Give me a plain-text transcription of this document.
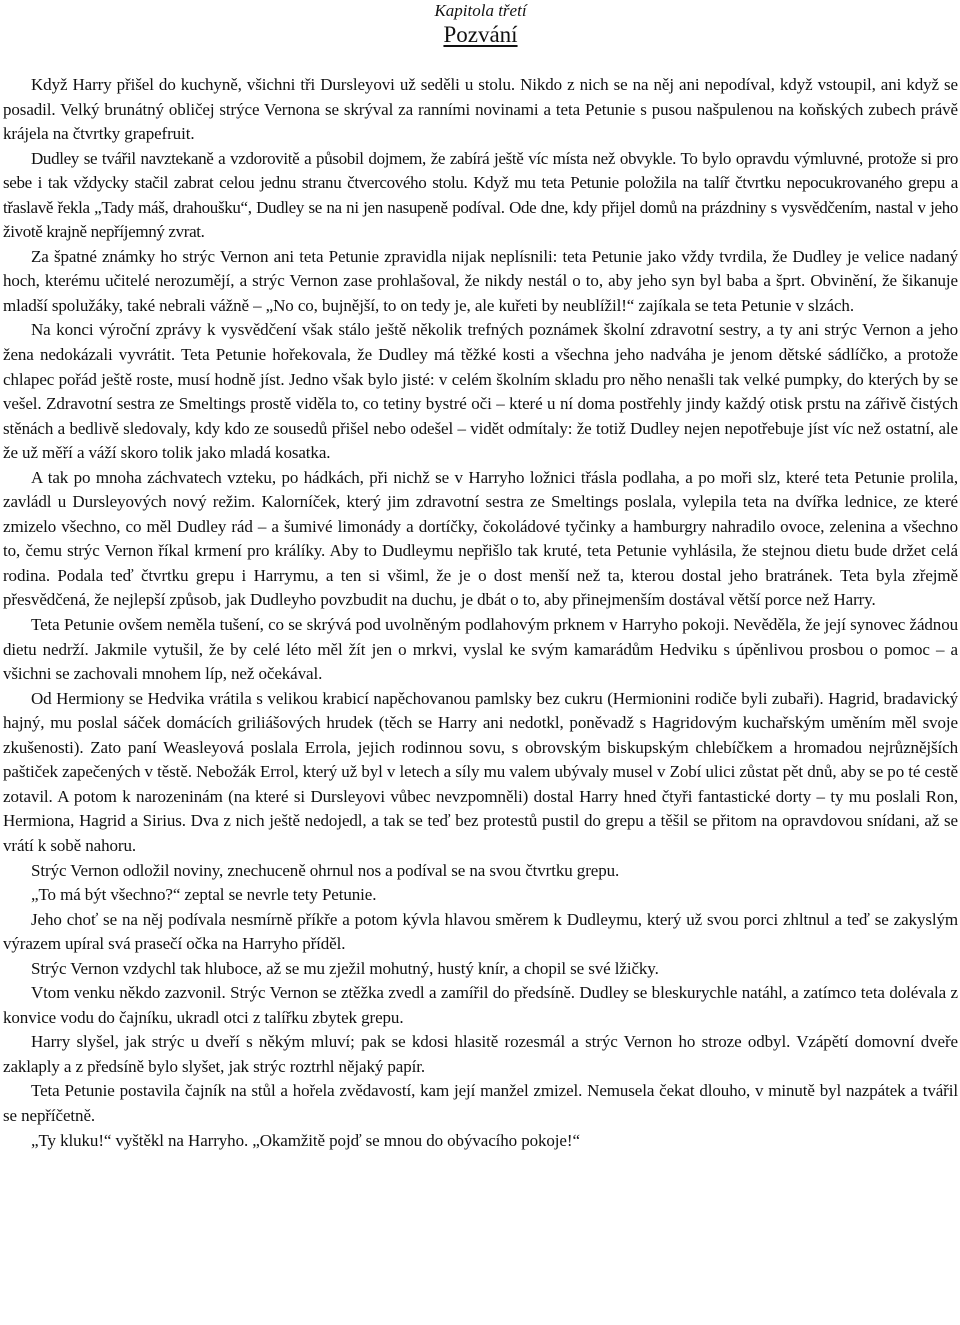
Kapitola třetí
Pozvání

Když Harry přišel do kuchyně, všichni tři Dursleyovi už seděli u stolu. Nikdo z nich se na něj ani nepodíval, když vstoupil, ani když se posadil. Velký brunátný obličej strýce Vernona se skrýval za ranními novinami a teta Petunie s pusou našpulenou na koňských zubech právě krájela na čtvrtky grapefruit.

Dudley se tvářil navztekaně a vzdorovitě a působil dojmem, že zabírá ještě víc místa než obvykle. To bylo opravdu výmluvné, protože si pro sebe i tak vždycky stačil zabrat celou jednu stranu čtvercového stolu. Když mu teta Petunie položila na talíř čtvrtku nepocukrovaného grepu a třaslavě řekla „Tady máš, drahoušku“, Dudley se na ni jen nasupeně podíval. Ode dne, kdy přijel domů na prázdniny s vysvědčením, nastal v jeho životě krajně nepříjemný zvrat.

Za špatné známky ho strýc Vernon ani teta Petunie zpravidla nijak neplísnili: teta Petunie jako vždy tvrdila, že Dudley je velice nadaný hoch, kterému učitelé nerozumějí, a strýc Vernon zase prohlašoval, že nikdy nestál o to, aby jeho syn byl baba a šprt. Obvinění, že šikanuje mladší spolužáky, také nebrali vážně – „No co, bujnější, to on tedy je, ale kuřeti by neublížil!“ zajíkala se teta Petunie v slzách.

Na konci výroční zprávy k vysvědčení však stálo ještě několik trefných poznámek školní zdravotní sestry, a ty ani strýc Vernon a jeho žena nedokázali vyvrátit. Teta Petunie hořekovala, že Dudley má těžké kosti a všechna jeho nadváha je jenom dětské sádlíčko, a protože chlapec pořád ještě roste, musí hodně jíst. Jedno však bylo jisté: v celém školním skladu pro něho nenašli tak velké pumpky, do kterých by se vešel. Zdravotní sestra ze Smeltings prostě viděla to, co tetiny bystré oči – které u ní doma postřehly jindy každý otisk prstu na zářivě čistých stěnách a bedlivě sledovaly, kdy kdo ze sousedů přišel nebo odešel – vidět odmítaly: že totiž Dudley nejen nepotřebuje jíst víc než ostatní, ale že už měří a váží skoro tolik jako mladá kosatka.

A tak po mnoha záchvatech vzteku, po hádkách, při nichž se v Harryho ložnici třásla podlaha, a po moři slz, které teta Petunie prolila, zavládl u Dursleyových nový režim. Kalorníček, který jim zdravotní sestra ze Smeltings poslala, vylepila teta na dvířka lednice, ze které zmizelo všechno, co měl Dudley rád – a šumivé limonády a dortíčky, čokoládové tyčinky a hamburgry nahradilo ovoce, zelenina a všechno to, čemu strýc Vernon říkal krmení pro králíky. Aby to Dudleymu nepřišlo tak kruté, teta Petunie vyhlásila, že stejnou dietu bude držet celá rodina. Podala teď čtvrtku grepu i Harrymu, a ten si všiml, že je o dost menší než ta, kterou dostal jeho bratránek. Teta byla zřejmě přesvědčená, že nejlepší způsob, jak Dudleyho povzbudit na duchu, je dbát o to, aby přinejmenším dostával větší porce než Harry.

Teta Petunie ovšem neměla tušení, co se skrývá pod uvolněným podlahovým prknem v Harryho pokoji. Nevěděla, že její synovec žádnou dietu nedrží. Jakmile vytušil, že by celé léto měl žít jen o mrkvi, vyslal ke svým kamarádům Hedviku s úpěnlivou prosbou o pomoc – a všichni se zachovali mnohem líp, než očekával.

Od Hermiony se Hedvika vrátila s velikou krabicí napěchovanou pamlsky bez cukru (Hermionini rodiče byli zubaři). Hagrid, bradavický hajný, mu poslal sáček domácích griliášových hrudek (těch se Harry ani nedotkl, poněvadž s Hagridovým kuchařským uměním měl svoje zkušenosti). Zato paní Weasleyová poslala Errola, jejich rodinnou sovu, s obrovským biskupským chlebíčkem a hromadou nejrůznějších paštiček zapečených v těstě. Nebožák Errol, který už byl v letech a síly mu valem ubývaly musel v Zobí ulici zůstat pět dnů, aby se po té cestě zotavil. A potom k narozeninám (na které si Dursleyovi vůbec nevzpomněli) dostal Harry hned čtyři fantastické dorty – ty mu poslali Ron, Hermiona, Hagrid a Sirius. Dva z nich ještě nedojedl, a tak se teď bez protestů pustil do grepu a těšil se přitom na opravdovou snídani, až se vrátí k sobě nahoru.

Strýc Vernon odložil noviny, znechuceně ohrnul nos a podíval se na svou čtvrtku grepu.

„To má být všechno?“ zeptal se nevrle tety Petunie.

Jeho choť se na něj podívala nesmírně příkře a potom kývla hlavou směrem k Dudleymu, který už svou porci zhltnul a teď se zakyslým výrazem upíral svá prasečí očka na Harryho příděl.

Strýc Vernon vzdychl tak hluboce, až se mu zježil mohutný, hustý knír, a chopil se své lžičky.

Vtom venku někdo zazvonil. Strýc Vernon se ztěžka zvedl a zamířil do předsíně. Dudley se bleskurychle natáhl, a zatímco teta dolévala z konvice vodu do čajníku, ukradl otci z talířku zbytek grepu.

Harry slyšel, jak strýc u dveří s někým mluví; pak se kdosi hlasitě rozesmál a strýc Vernon ho stroze odbyl. Vzápětí domovní dveře zaklaply a z předsíně bylo slyšet, jak strýc roztrhl nějaký papír.

Teta Petunie postavila čajník na stůl a hořela zvědavostí, kam její manžel zmizel. Nemusela čekat dlouho, v minutě byl nazpátek a tvářil se nepříčetně.

„Ty kluku!“ vyštěkl na Harryho. „Okamžitě pojď se mnou do obývacího pokoje!“
